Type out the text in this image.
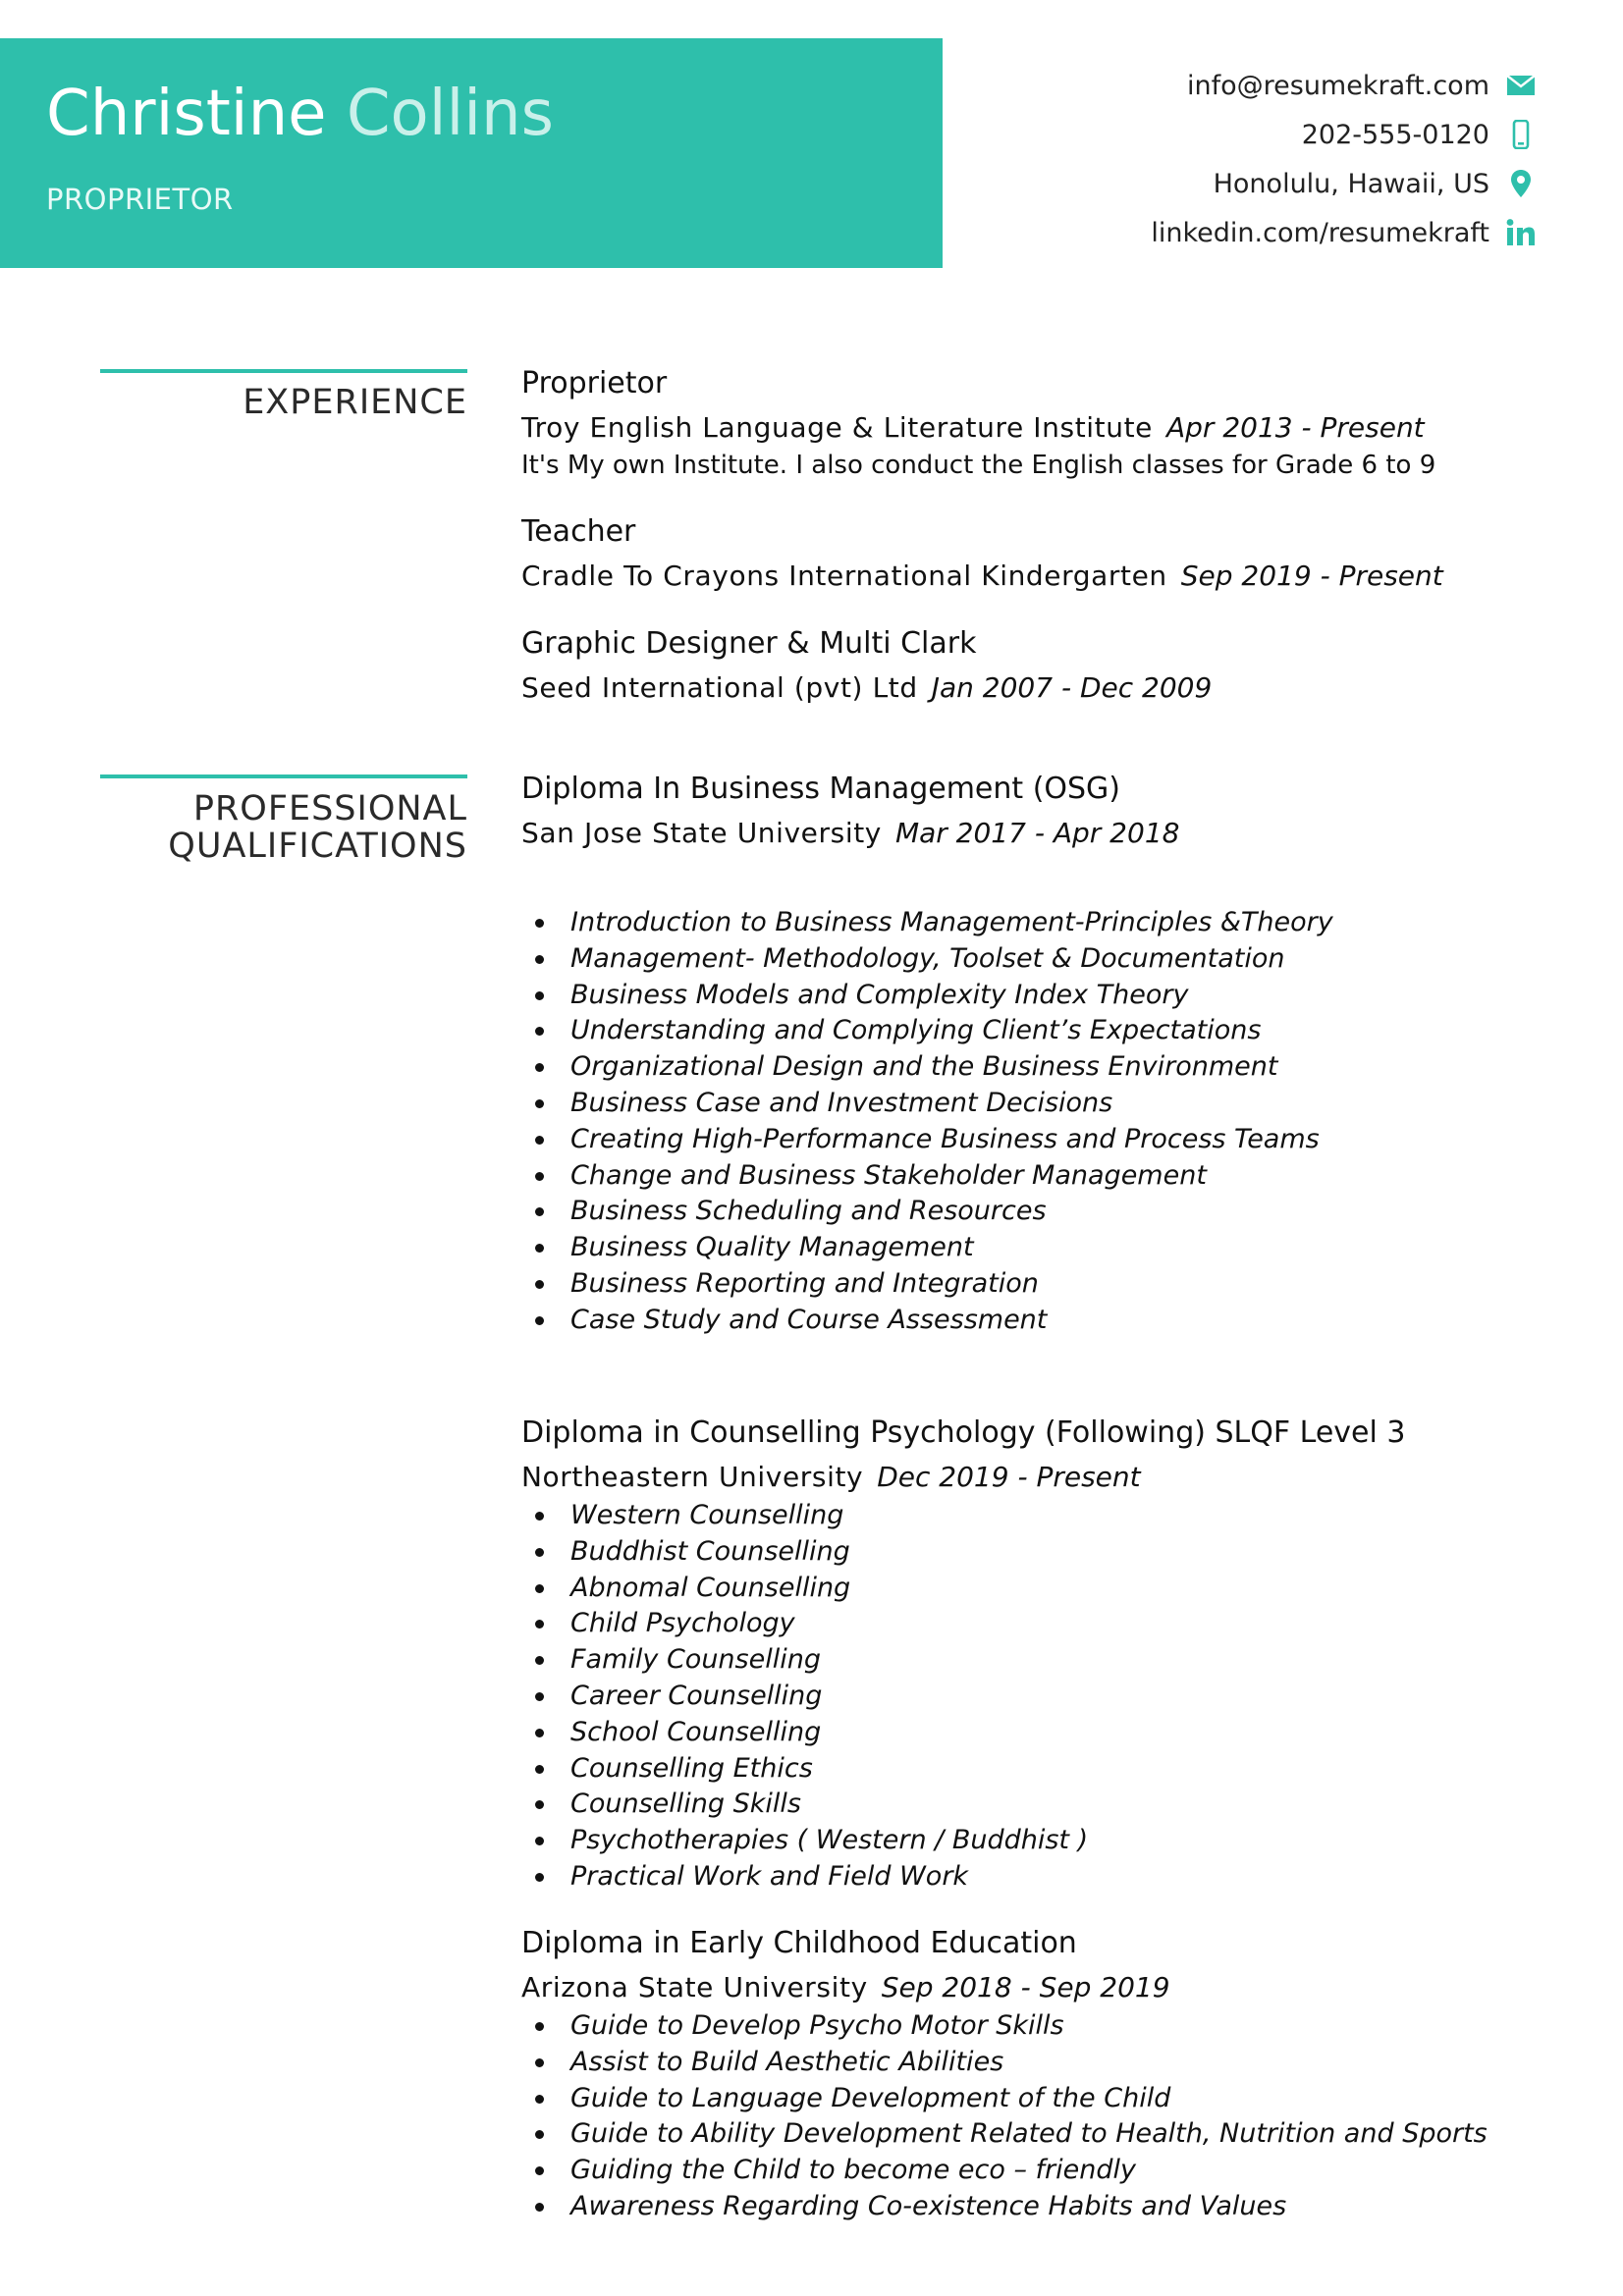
Christine Collins
PROPRIETOR
info@resumekraft.com
202-555-0120
Honolulu, Hawaii, US
linkedin.com/resumekraft
EXPERIENCE Proprietor
Troy English Language & Literature Institute Apr 2013 - Present
It's My own Institute. I also conduct the English classes for Grade 6 to 9
Teacher
Cradle To Crayons International Kindergarten Sep 2019 - Present
Graphic Designer & Multi Clark
Seed International (pvt) Ltd Jan 2007 - Dec 2009
PROFESSIONAL
QUALIFICATIONS
Diploma In Business Management (OSG)
San Jose State University Mar 2017 - Apr 2018
Introduction to Business Management-Principles &Theory
Management- Methodology, Toolset & Documentation
Business Models and Complexity Index Theory
Understanding and Complying Client’s Expectations
Organizational Design and the Business Environment
Business Case and Investment Decisions
Creating High-Performance Business and Process Teams
Change and Business Stakeholder Management
Business Scheduling and Resources
Business Quality Management
Business Reporting and Integration
Case Study and Course Assessment
Diploma in Counselling Psychology (Following) SLQF Level 3
Northeastern University Dec 2019 - Present
Western Counselling
Buddhist Counselling
Abnomal Counselling
Child Psychology
Family Counselling
Career Counselling
School Counselling
Counselling Ethics
Counselling Skills
Psychotherapies ( Western / Buddhist )
Practical Work and Field Work
Diploma in Early Childhood Education
Arizona State University Sep 2018 - Sep 2019
Guide to Develop Psycho Motor Skills
Assist to Build Aesthetic Abilities
Guide to Language Development of the Child
Guide to Ability Development Related to Health, Nutrition and Sports
Guiding the Child to become eco – friendly
Awareness Regarding Co-existence Habits and Values
